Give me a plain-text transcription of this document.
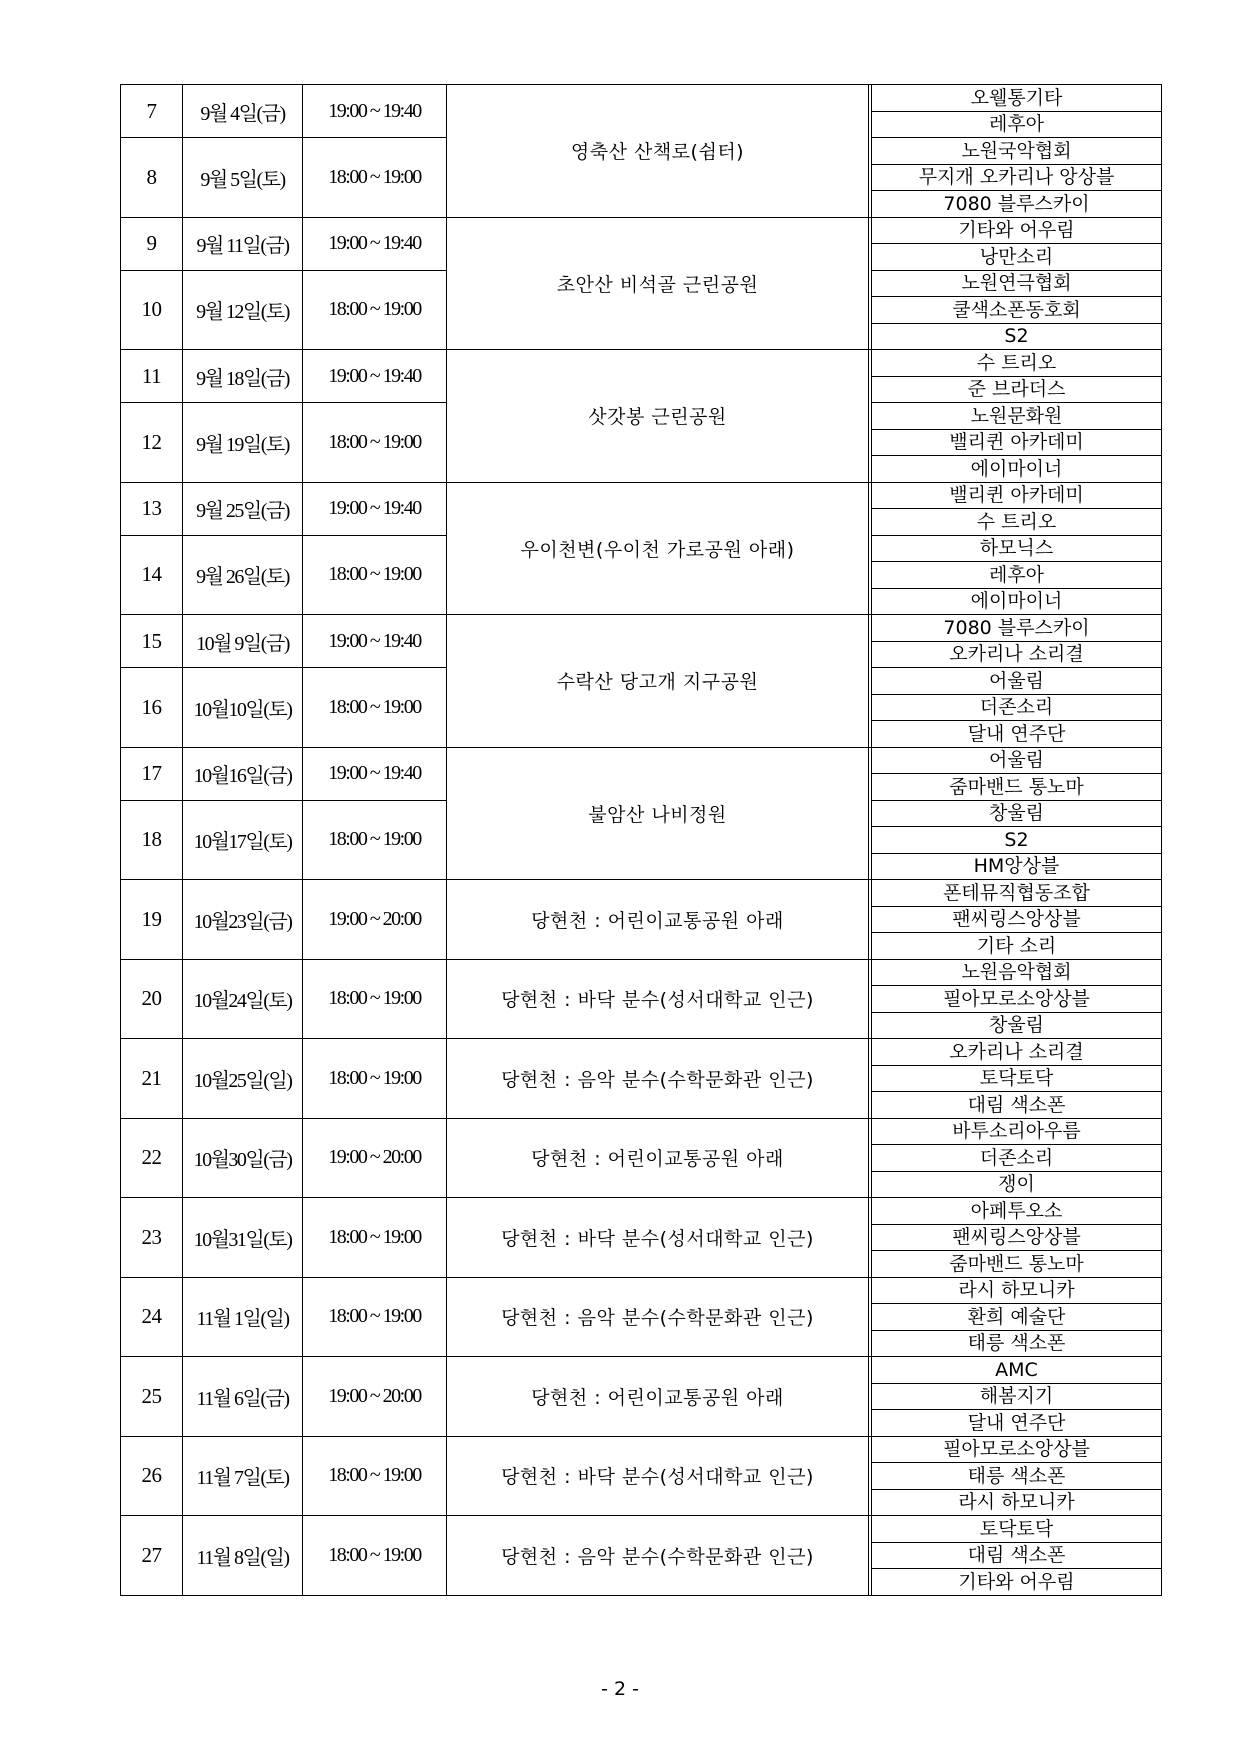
7	9월 4일(금)	19:00 ~ 19:40	영축산 산책로(쉼터)		오웰통기타
					레후아
8	9월 5일(토)	18:00 ~ 19:00			노원국악협회
					무지개 오카리나 앙상블
					7080 블루스카이
9	9월 11일(금)	19:00 ~ 19:40	초안산 비석골 근린공원		기타와 어우림
					낭만소리
10	9월 12일(토)	18:00 ~ 19:00			노원연극협회
					쿨색소폰동호회
					S2
11	9월 18일(금)	19:00 ~ 19:40	삿갓봉 근린공원		수 트리오
					준 브라더스
12	9월 19일(토)	18:00 ~ 19:00			노원문화원
					밸리퀸 아카데미
					에이마이너
13	9월 25일(금)	19:00 ~ 19:40	우이천변(우이천 가로공원 아래)		밸리퀸 아카데미
					수 트리오
14	9월 26일(토)	18:00 ~ 19:00			하모닉스
					레후아
					에이마이너
15	10월 9일(금)	19:00 ~ 19:40	수락산 당고개 지구공원		7080 블루스카이
					오카리나 소리결
16	10월10일(토)	18:00 ~ 19:00			어울림
					더존소리
					달내 연주단
17	10월16일(금)	19:00 ~ 19:40	불암산 나비정원		어울림
					줌마밴드 통노마
18	10월17일(토)	18:00 ~ 19:00			창울림
					S2
					HM앙상블
19	10월23일(금)	19:00 ~ 20:00	당현천 : 어린이교통공원 아래		폰테뮤직협동조합
					팬씨링스앙상블
					기타 소리
20	10월24일(토)	18:00 ~ 19:00	당현천 : 바닥 분수(성서대학교 인근)		노원음악협회
					필아모로소앙상블
					창울림
21	10월25일(일)	18:00 ~ 19:00	당현천 : 음악 분수(수학문화관 인근)		오카리나 소리결
					토닥토닥
					대림 색소폰
22	10월30일(금)	19:00 ~ 20:00	당현천 : 어린이교통공원 아래		바투소리아우름
					더존소리
					쟁이
23	10월31일(토)	18:00 ~ 19:00	당현천 : 바닥 분수(성서대학교 인근)		아페투오소
					팬씨링스앙상블
					줌마밴드 통노마
24	11월 1일(일)	18:00 ~ 19:00	당현천 : 음악 분수(수학문화관 인근)		라시 하모니카
					환희 예술단
					태릉 색소폰
25	11월 6일(금)	19:00 ~ 20:00	당현천 : 어린이교통공원 아래		AMC
					해봄지기
					달내 연주단
26	11월 7일(토)	18:00 ~ 19:00	당현천 : 바닥 분수(성서대학교 인근)		필아모로소앙상블
					태릉 색소폰
					라시 하모니카
27	11월 8일(일)	18:00 ~ 19:00	당현천 : 음악 분수(수학문화관 인근)		토닥토닥
					대림 색소폰
					기타와 어우림
- 2 -
